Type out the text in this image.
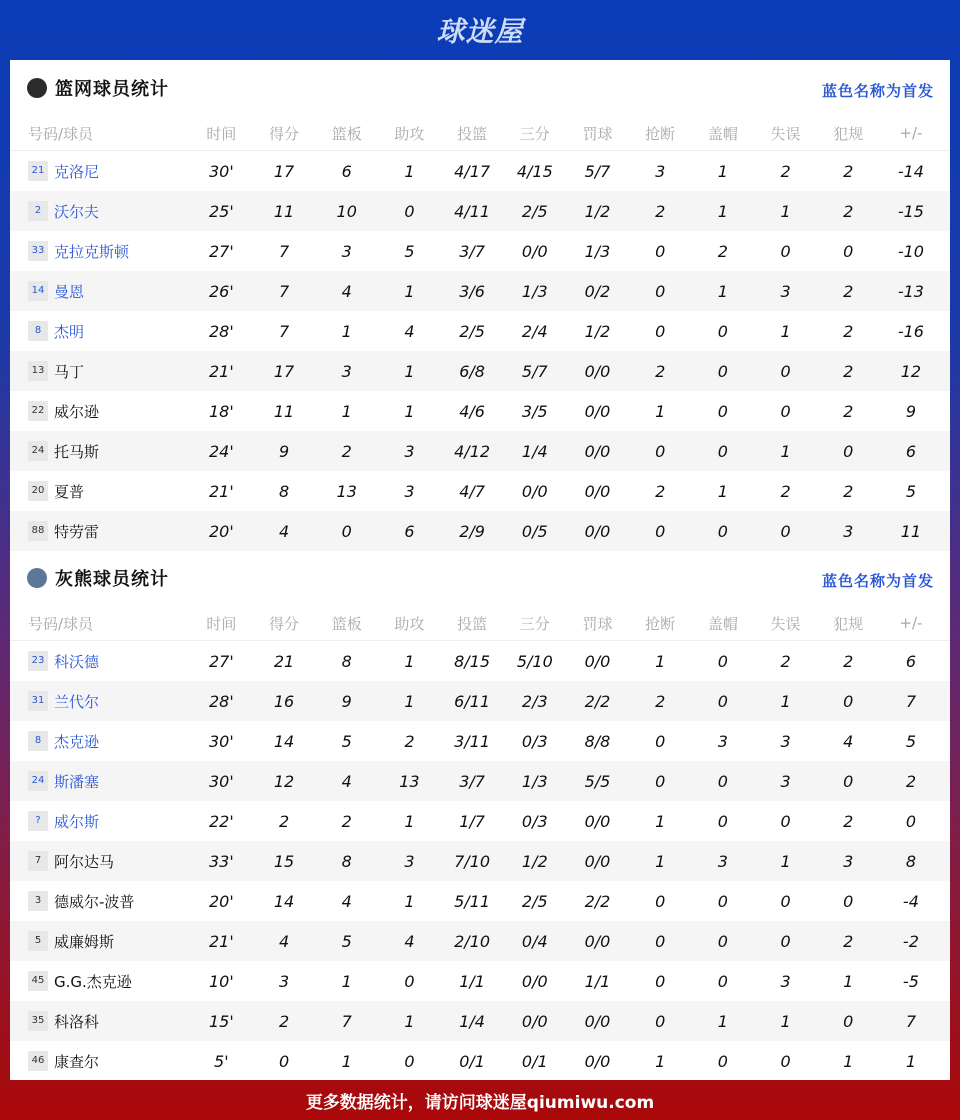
球迷屋
篮网球员统计	蓝色名称为首发
号码/球员	时间	得分	篮板	助攻	投篮	三分	罚球	抢断	盖帽	失误	犯规	+/-
21 克洛尼	30'	17	6	1	4/17	4/15	5/7	3	1	2	2	-14
2 沃尔夫	25'	11	10	0	4/11	2/5	1/2	2	1	1	2	-15
33 克拉克斯顿	27'	7	3	5	3/7	0/0	1/3	0	2	0	0	-10
14 曼恩	26'	7	4	1	3/6	1/3	0/2	0	1	3	2	-13
8 杰明	28'	7	1	4	2/5	2/4	1/2	0	0	1	2	-16
13 马丁	21'	17	3	1	6/8	5/7	0/0	2	0	0	2	12
22 威尔逊	18'	11	1	1	4/6	3/5	0/0	1	0	0	2	9
24 托马斯	24'	9	2	3	4/12	1/4	0/0	0	0	1	0	6
20 夏普	21'	8	13	3	4/7	0/0	0/0	2	1	2	2	5
88 特劳雷	20'	4	0	6	2/9	0/5	0/0	0	0	0	3	11
灰熊球员统计	蓝色名称为首发
号码/球员	时间	得分	篮板	助攻	投篮	三分	罚球	抢断	盖帽	失误	犯规	+/-
23 科沃德	27'	21	8	1	8/15	5/10	0/0	1	0	2	2	6
31 兰代尔	28'	16	9	1	6/11	2/3	2/2	2	0	1	0	7
8 杰克逊	30'	14	5	2	3/11	0/3	8/8	0	3	3	4	5
24 斯潘塞	30'	12	4	13	3/7	1/3	5/5	0	0	3	0	2
? 威尔斯	22'	2	2	1	1/7	0/3	0/0	1	0	0	2	0
7 阿尔达马	33'	15	8	3	7/10	1/2	0/0	1	3	1	3	8
3 德威尔-波普	20'	14	4	1	5/11	2/5	2/2	0	0	0	0	-4
5 威廉姆斯	21'	4	5	4	2/10	0/4	0/0	0	0	0	2	-2
45 G.G.杰克逊	10'	3	1	0	1/1	0/0	1/1	0	0	3	1	-5
35 科洛科	15'	2	7	1	1/4	0/0	0/0	0	1	1	0	7
46 康查尔	5'	0	1	0	0/1	0/1	0/0	1	0	0	1	1
更多数据统计，请访问球迷屋qiumiwu.com
